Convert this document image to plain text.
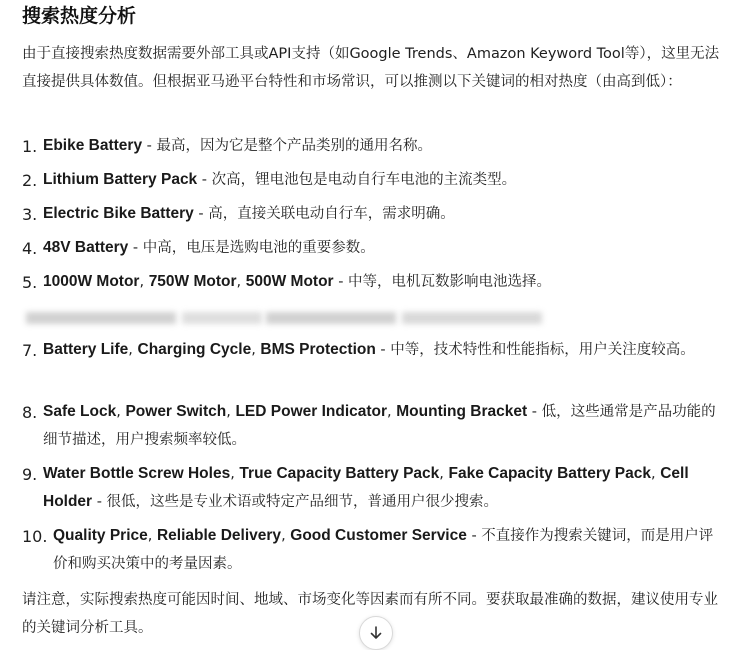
搜索热度分析

由于直接搜索热度数据需要外部工具或API支持（如Google Trends、Amazon Keyword Tool等），这里无法直接提供具体数值。但根据亚马逊平台特性和市场常识，可以推测以下关键词的相对热度（由高到低）：

1. Ebike Battery - 最高，因为它是整个产品类别的通用名称。
2. Lithium Battery Pack - 次高，锂电池包是电动自行车电池的主流类型。
3. Electric Bike Battery - 高，直接关联电动自行车，需求明确。
4. 48V Battery - 中高，电压是选购电池的重要参数。
5. 1000W Motor, 750W Motor, 500W Motor - 中等，电机瓦数影响电池选择。
7. Battery Life, Charging Cycle, BMS Protection - 中等，技术特性和性能指标，用户关注度较高。
8. Safe Lock, Power Switch, LED Power Indicator, Mounting Bracket - 低，这些通常是产品功能的细节描述，用户搜索频率较低。
9. Water Bottle Screw Holes, True Capacity Battery Pack, Fake Capacity Battery Pack, Cell Holder - 很低，这些是专业术语或特定产品细节，普通用户很少搜索。
10. Quality Price, Reliable Delivery, Good Customer Service - 不直接作为搜索关键词，而是用户评价和购买决策中的考量因素。

请注意，实际搜索热度可能因时间、地域、市场变化等因素而有所不同。要获取最准确的数据，建议使用专业的关键词分析工具。
